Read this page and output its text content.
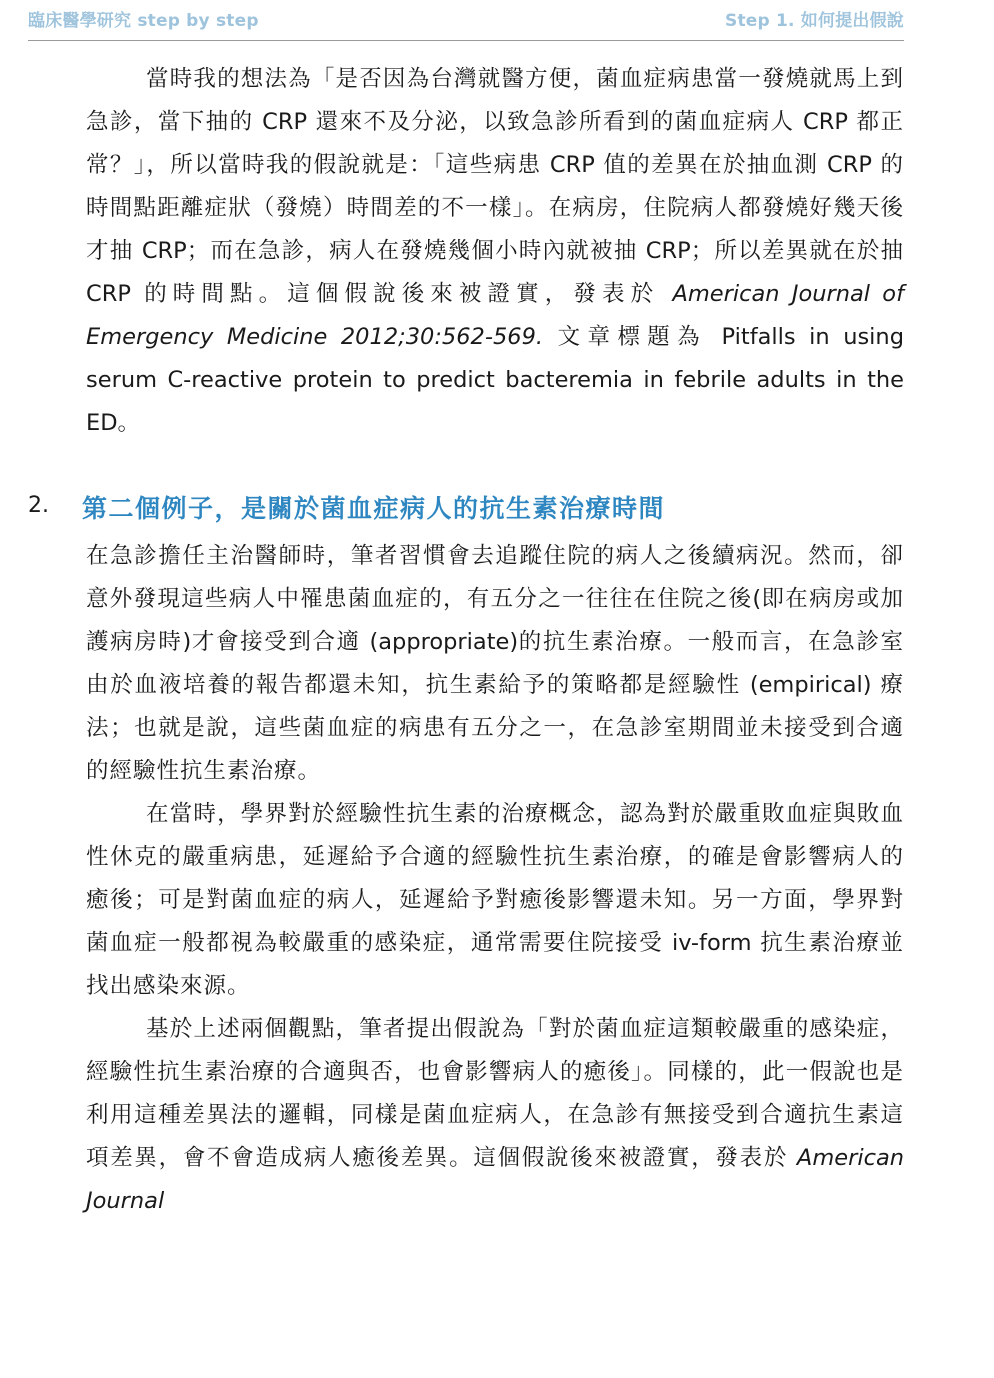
臨床醫學研究 step by step	Step 1. 如何提出假說

當時我的想法為「是否因為台灣就醫方便，菌血症病患當一發燒就馬上到急診，當下抽的 CRP 還來不及分泌，以致急診所看到的菌血症病人 CRP 都正常？」，所以當時我的假說就是：「這些病患 CRP 值的差異在於抽血測 CRP 的時間點距離症狀（發燒）時間差的不一樣」。在病房，住院病人都發燒好幾天後才抽 CRP；而在急診，病人在發燒幾個小時內就被抽 CRP；所以差異就在於抽 CRP 的時間點。這個假說後來被證實，發表於 American Journal of Emergency Medicine 2012;30:562-569. 文章標題為 Pitfalls in using serum C-reactive protein to predict bacteremia in febrile adults in the ED。

2. 第二個例子，是關於菌血症病人的抗生素治療時間

在急診擔任主治醫師時，筆者習慣會去追蹤住院的病人之後續病況。然而，卻意外發現這些病人中罹患菌血症的，有五分之一往往在住院之後(即在病房或加護病房時)才會接受到合適 (appropriate)的抗生素治療。一般而言，在急診室由於血液培養的報告都還未知，抗生素給予的策略都是經驗性 (empirical) 療法；也就是說，這些菌血症的病患有五分之一，在急診室期間並未接受到合適的經驗性抗生素治療。

在當時，學界對於經驗性抗生素的治療概念，認為對於嚴重敗血症與敗血性休克的嚴重病患，延遲給予合適的經驗性抗生素治療，的確是會影響病人的癒後；可是對菌血症的病人，延遲給予對癒後影響還未知。另一方面，學界對菌血症一般都視為較嚴重的感染症，通常需要住院接受 iv-form 抗生素治療並找出感染來源。

基於上述兩個觀點，筆者提出假說為「對於菌血症這類較嚴重的感染症，經驗性抗生素治療的合適與否，也會影響病人的癒後」。同樣的，此一假說也是利用這種差異法的邏輯，同樣是菌血症病人，在急診有無接受到合適抗生素這項差異，會不會造成病人癒後差異。這個假說後來被證實，發表於 American Journal
